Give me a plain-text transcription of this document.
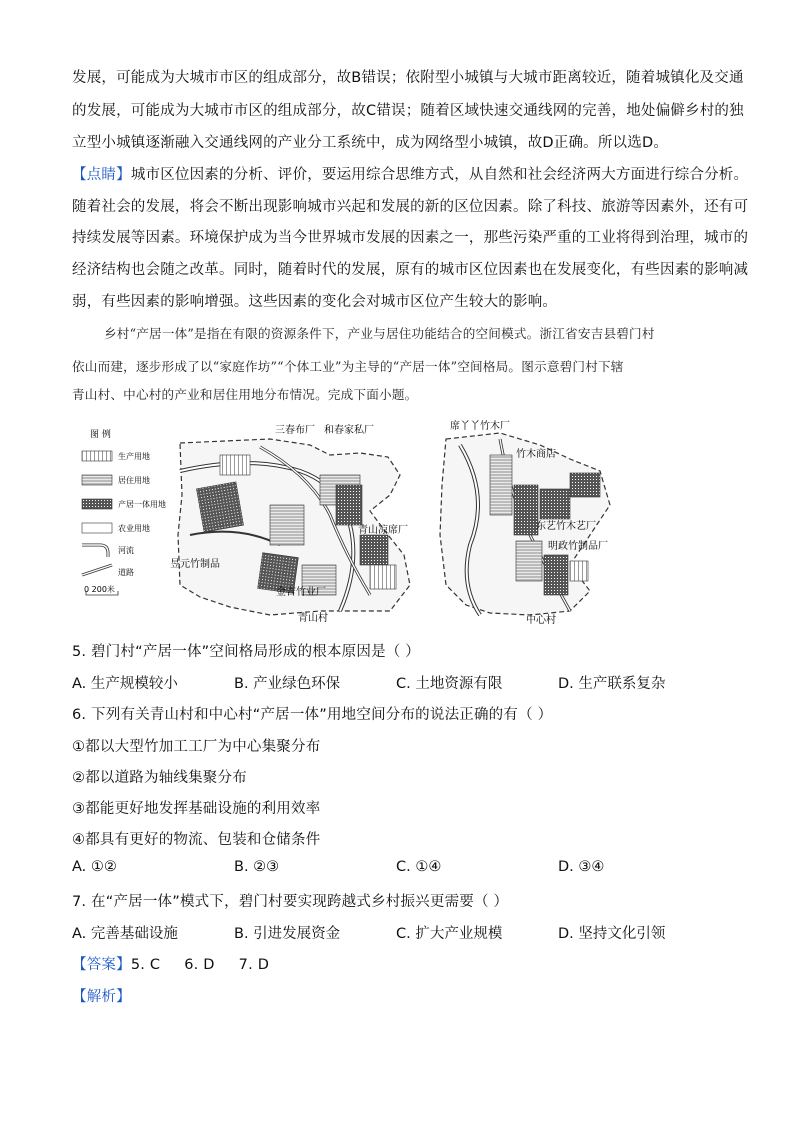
发展，可能成为大城市市区的组成部分，故B错误；依附型小城镇与大城市距离较近，随着城镇化及交通
的发展，可能成为大城市市区的组成部分，故C错误；随着区域快速交通线网的完善，地处偏僻乡村的独
立型小城镇逐渐融入交通线网的产业分工系统中，成为网络型小城镇，故D正确。所以选D。
【点睛】城市区位因素的分析、评价，要运用综合思维方式，从自然和社会经济两大方面进行综合分析。
随着社会的发展，将会不断出现影响城市兴起和发展的新的区位因素。除了科技、旅游等因素外，还有可
持续发展等因素。环境保护成为当今世界城市发展的因素之一，那些污染严重的工业将得到治理，城市的
经济结构也会随之改革。同时，随着时代的发展，原有的城市区位因素也在发展变化，有些因素的影响减
弱，有些因素的影响增强。这些因素的变化会对城市区位产生较大的影响。
乡村“产居一体”是指在有限的资源条件下，产业与居住功能结合的空间模式。浙江省安吉县碧门村
依山而建，逐步形成了以“家庭作坊”“个体工业”为主导的“产居一体”空间格局。图示意碧门村下辖
青山村、中心村的产业和居住用地分布情况。完成下面小题。
图 例
生产用地
居住用地
产居一体用地
农业用地
河流
道路
0 200米
三春布厂 和春家私厂
青山凉席厂
昱元竹制品
金吉竹业厂
青山村
席丫丫竹木厂
竹木商店
东艺竹木艺厂
明政竹制品厂
中心村
5. 碧门村“产居一体”空间格局形成的根本原因是（ ）
A. 生产规模较小	B. 产业绿色环保	C. 土地资源有限	D. 生产联系复杂
6. 下列有关青山村和中心村“产居一体”用地空间分布的说法正确的有（ ）
①都以大型竹加工工厂为中心集聚分布
②都以道路为轴线集聚分布
③都能更好地发挥基础设施的利用效率
④都具有更好的物流、包装和仓储条件
A. ①②	B. ②③	C. ①④	D. ③④
7. 在“产居一体”模式下，碧门村要实现跨越式乡村振兴更需要（ ）
A. 完善基础设施	B. 引进发展资金	C. 扩大产业规模	D. 坚持文化引领
【答案】5. C     6. D     7. D
【解析】
